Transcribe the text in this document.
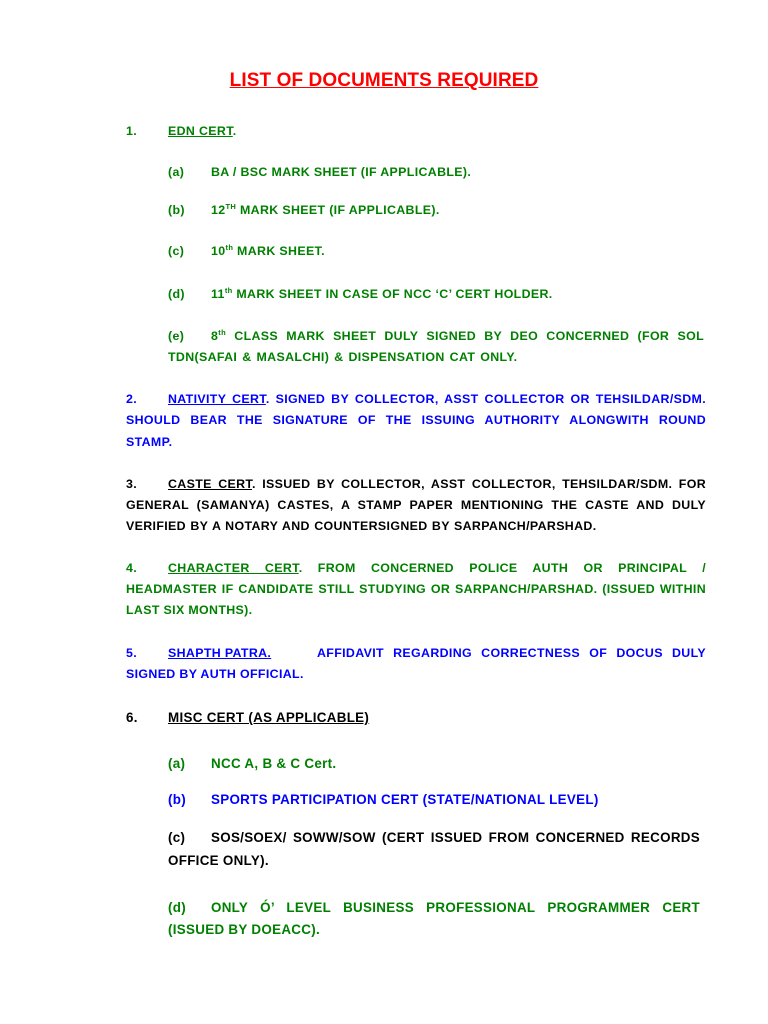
LIST OF DOCUMENTS REQUIRED
1. EDN CERT.
(a) BA / BSC MARK SHEET (IF APPLICABLE).
(b) 12TH MARK SHEET (IF APPLICABLE).
(c) 10th MARK SHEET.
(d) 11th MARK SHEET IN CASE OF NCC ‘C’ CERT HOLDER.
(e) 8th CLASS MARK SHEET DULY SIGNED BY DEO CONCERNED (FOR SOL
TDN(SAFAI & MASALCHI) & DISPENSATION CAT ONLY.
2. NATIVITY CERT. SIGNED BY COLLECTOR, ASST COLLECTOR OR TEHSILDAR/SDM.
SHOULD BEAR THE SIGNATURE OF THE ISSUING AUTHORITY ALONGWITH ROUND
STAMP.
3. CASTE CERT. ISSUED BY COLLECTOR, ASST COLLECTOR, TEHSILDAR/SDM. FOR
GENERAL (SAMANYA) CASTES, A STAMP PAPER MENTIONING THE CASTE AND DULY
VERIFIED BY A NOTARY AND COUNTERSIGNED BY SARPANCH/PARSHAD.
4. CHARACTER CERT. FROM CONCERNED POLICE AUTH OR PRINCIPAL /
HEADMASTER IF CANDIDATE STILL STUDYING OR SARPANCH/PARSHAD. (ISSUED WITHIN
LAST SIX MONTHS).
5. SHAPTH PATRA.	AFFIDAVIT REGARDING CORRECTNESS OF DOCUS DULY
SIGNED BY AUTH OFFICIAL.
6. MISC CERT (AS APPLICABLE)
(a) NCC A, B & C Cert.
(b) SPORTS PARTICIPATION CERT (STATE/NATIONAL LEVEL)
(c) SOS/SOEX/ SOWW/SOW (CERT ISSUED FROM CONCERNED RECORDS
OFFICE ONLY).
(d) ONLY Ó’ LEVEL BUSINESS PROFESSIONAL PROGRAMMER CERT
(ISSUED BY DOEACC).
